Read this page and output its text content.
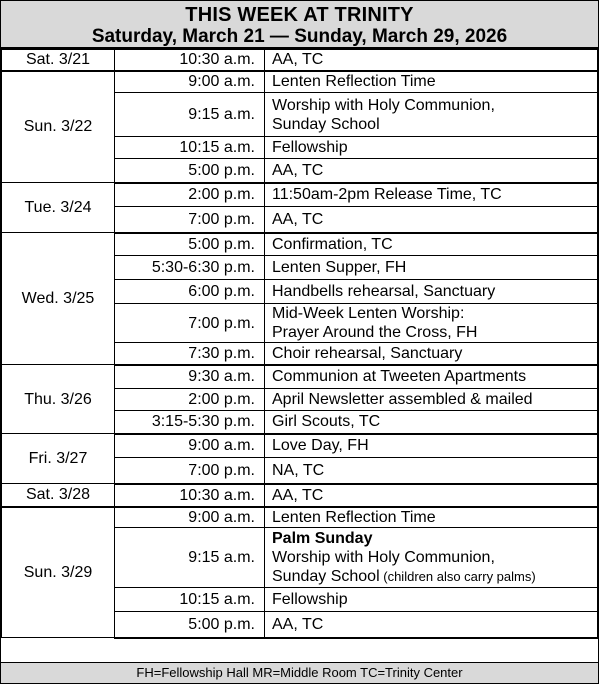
THIS WEEK AT TRINITY
Saturday, March 21 — Sunday, March 29, 2026
Sat. 3/21	10:30 a.m.	AA, TC

Sun. 3/22	9:00 a.m.	Lenten Reflection Time

	9:15 a.m.	Worship with Holy Communion,
Sunday School

	10:15 a.m.	Fellowship

	5:00 p.m.	AA, TC

Tue. 3/24	2:00 p.m.	11:50am-2pm Release Time, TC

	7:00 p.m.	AA, TC

Wed. 3/25	5:00 p.m.	Confirmation, TC

	5:30-6:30 p.m.	Lenten Supper, FH

	6:00 p.m.	Handbells rehearsal, Sanctuary

	7:00 p.m.	Mid-Week Lenten Worship:
Prayer Around the Cross, FH

	7:30 p.m.	Choir rehearsal, Sanctuary

Thu. 3/26	9:30 a.m.	Communion at Tweeten Apartments

	2:00 p.m.	April Newsletter assembled & mailed

	3:15-5:30 p.m.	Girl Scouts, TC

Fri. 3/27	9:00 a.m.	Love Day, FH

	7:00 p.m.	NA, TC

Sat. 3/28	10:30 a.m.	AA, TC

Sun. 3/29	9:00 a.m.	Lenten Reflection Time

	9:15 a.m.	Palm Sunday
Worship with Holy Communion,
Sunday School (children also carry palms)

	10:15 a.m.	Fellowship

	5:00 p.m.	AA, TC
FH=Fellowship Hall MR=Middle Room TC=Trinity Center
